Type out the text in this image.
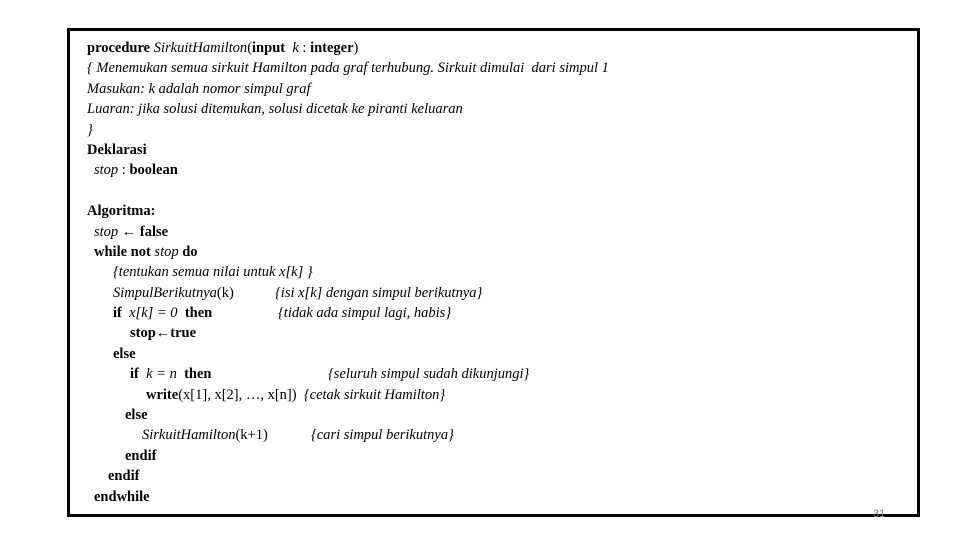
procedure SirkuitHamilton(input k : integer)
{ Menemukan semua sirkuit Hamilton pada graf terhubung. Sirkuit dimulai  dari simpul 1
Masukan: k adalah nomor simpul graf
Luaran: jika solusi ditemukan, solusi dicetak ke piranti keluaran
}
Deklarasi
stop : boolean
Algoritma:
stop ← false
while not stop do
{tentukan semua nilai untuk x[k] }
SimpulBerikutnya(k)	{isi x[k] dengan simpul berikutnya}
if x[k] = 0 then	{tidak ada simpul lagi, habis}
stop←true
else
if k = n then	{seluruh simpul sudah dikunjungi}
write(x[1], x[2], …, x[n]) {cetak sirkuit Hamilton}
else
SirkuitHamilton(k+1)	{cari simpul berikutnya}
endif
endif
endwhile
31
